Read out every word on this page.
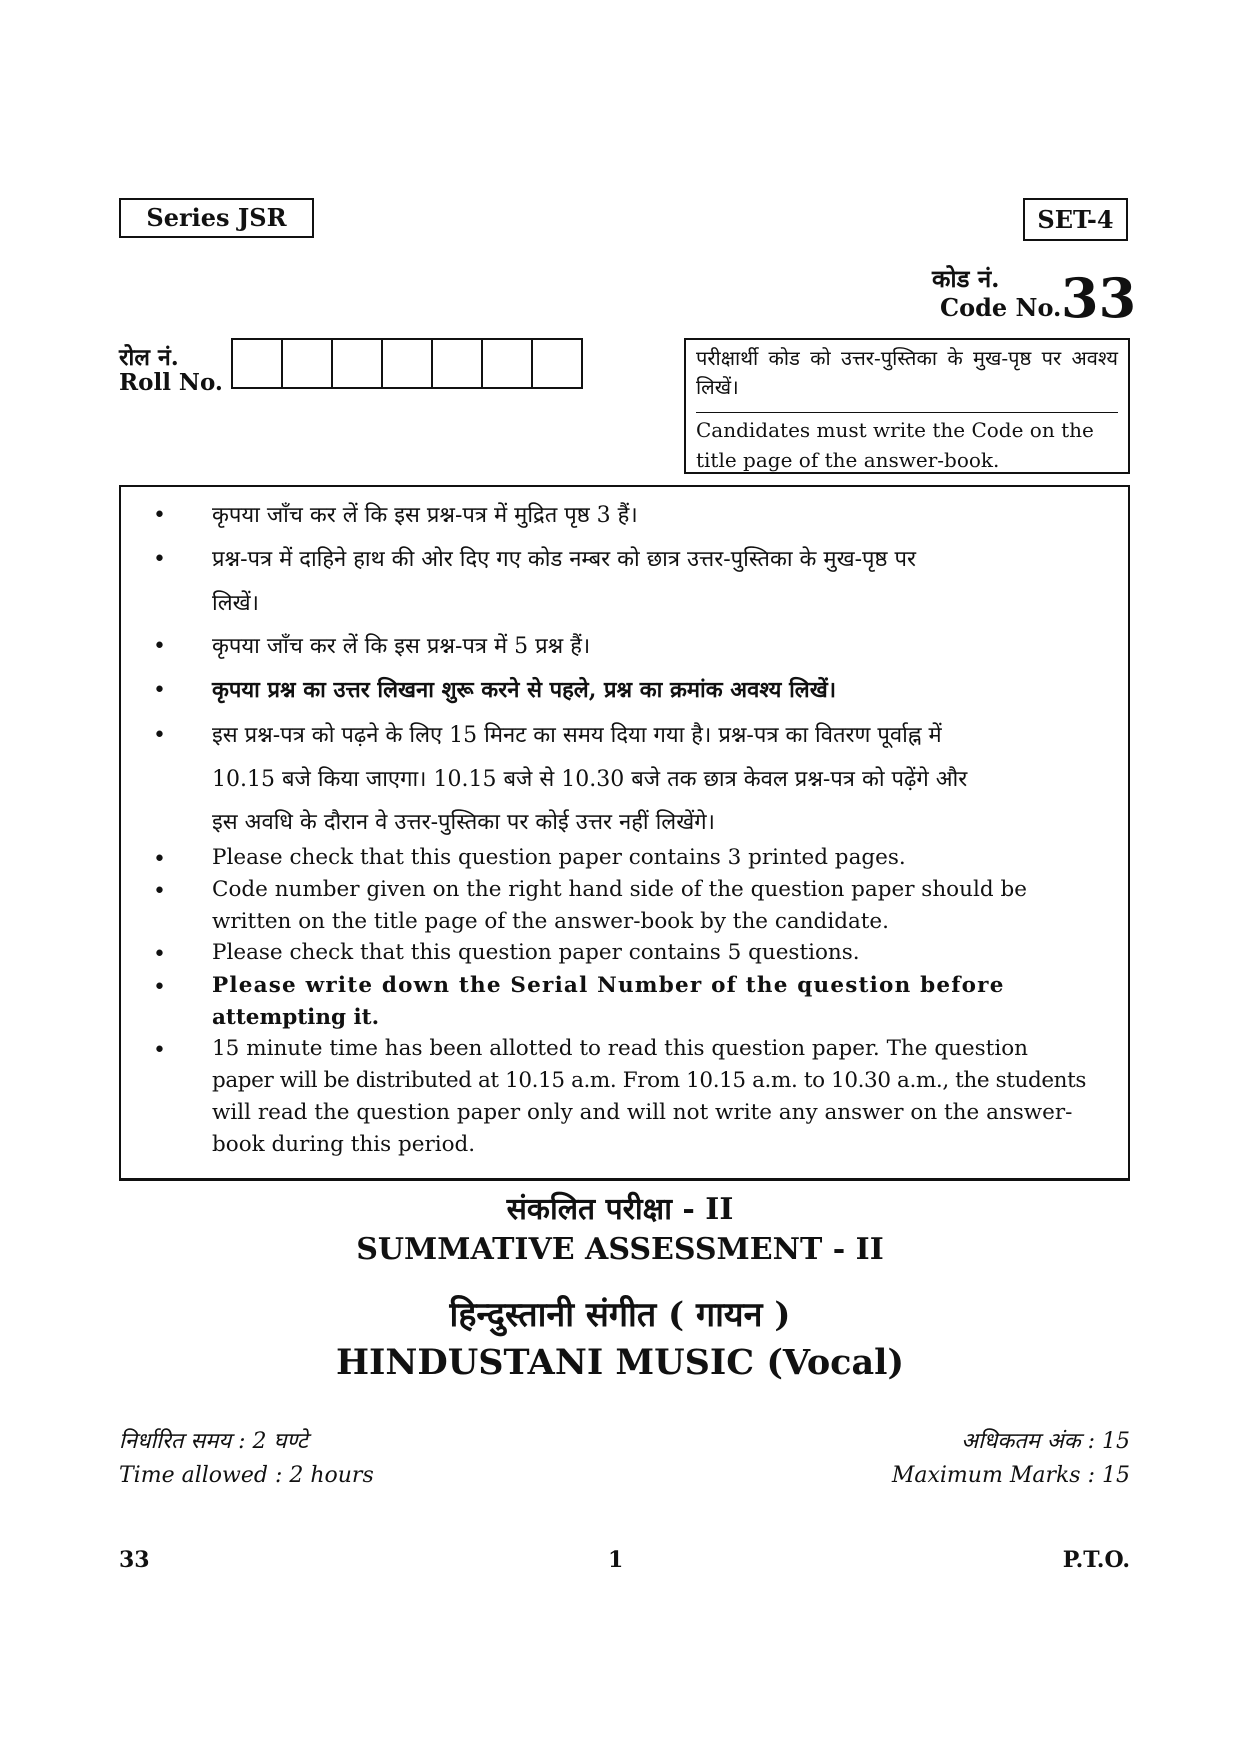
Series JSR	SET-4
कोड नं.
Code No. 33
रोल नं.
Roll No.
परीक्षार्थी कोड को उत्तर-पुस्तिका के मुख-पृष्ठ पर अवश्य लिखें।
Candidates must write the Code on the
title page of the answer-book.
• कृपया जाँच कर लें कि इस प्रश्न-पत्र में मुद्रित पृष्ठ 3 हैं।
• प्रश्न-पत्र में दाहिने हाथ की ओर दिए गए कोड नम्बर को छात्र उत्तर-पुस्तिका के मुख-पृष्ठ पर
लिखें।
• कृपया जाँच कर लें कि इस प्रश्न-पत्र में 5 प्रश्न हैं।
• कृपया प्रश्न का उत्तर लिखना शुरू करने से पहले, प्रश्न का क्रमांक अवश्य लिखें।
• इस प्रश्न-पत्र को पढ़ने के लिए 15 मिनट का समय दिया गया है। प्रश्न-पत्र का वितरण पूर्वाह्न में
10.15 बजे किया जाएगा। 10.15 बजे से 10.30 बजे तक छात्र केवल प्रश्न-पत्र को पढ़ेंगे और
इस अवधि के दौरान वे उत्तर-पुस्तिका पर कोई उत्तर नहीं लिखेंगे।
• Please check that this question paper contains 3 printed pages.
• Code number given on the right hand side of the question paper should be
written on the title page of the answer-book by the candidate.
• Please check that this question paper contains 5 questions.
• Please write down the Serial Number of the question before
attempting it.
• 15 minute time has been allotted to read this question paper. The question
paper will be distributed at 10.15 a.m. From 10.15 a.m. to 10.30 a.m., the students
will read the question paper only and will not write any answer on the answer-
book during this period.
संकलित परीक्षा - II
SUMMATIVE ASSESSMENT - II
हिन्दुस्तानी संगीत ( गायन )
HINDUSTANI MUSIC (Vocal)
निर्धारित समय : 2 घण्टे
Time allowed : 2 hours
अधिकतम अंक : 15
Maximum Marks : 15
33	1	P.T.O.
